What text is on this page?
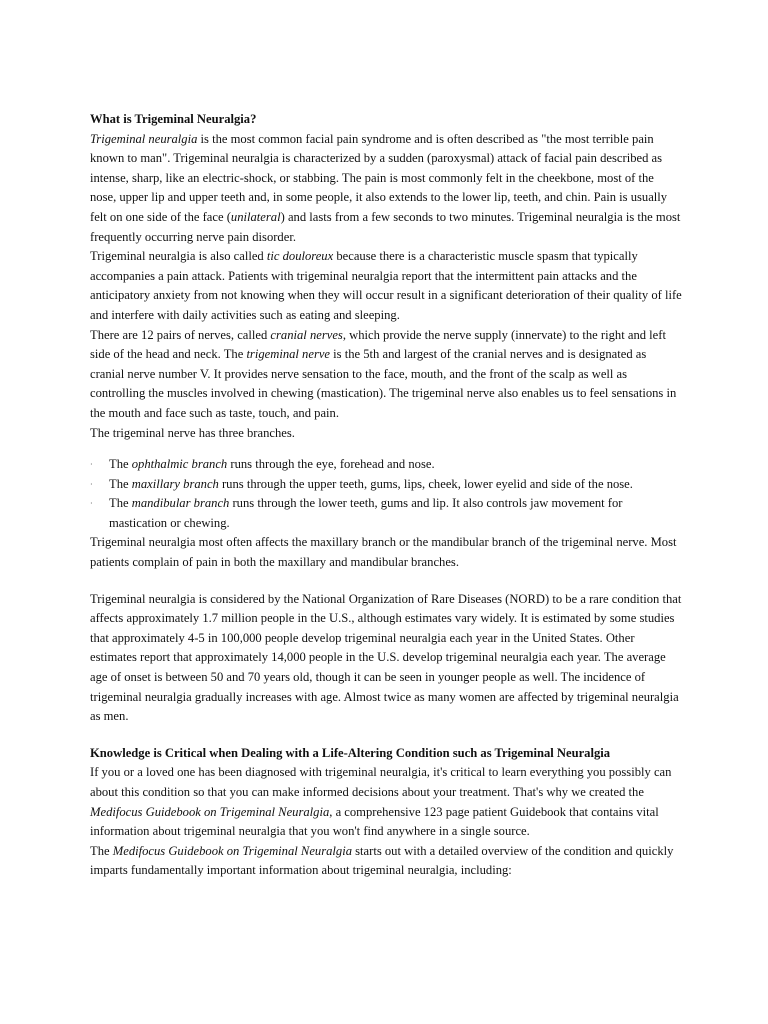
What is Trigeminal Neuralgia?

Trigeminal neuralgia is the most common facial pain syndrome and is often described as "the most terrible pain known to man". Trigeminal neuralgia is characterized by a sudden (paroxysmal) attack of facial pain described as intense, sharp, like an electric-shock, or stabbing. The pain is most commonly felt in the cheekbone, most of the nose, upper lip and upper teeth and, in some people, it also extends to the lower lip, teeth, and chin. Pain is usually felt on one side of the face (unilateral) and lasts from a few seconds to two minutes. Trigeminal neuralgia is the most frequently occurring nerve pain disorder.

Trigeminal neuralgia is also called tic douloreux because there is a characteristic muscle spasm that typically accompanies a pain attack. Patients with trigeminal neuralgia report that the intermittent pain attacks and the anticipatory anxiety from not knowing when they will occur result in a significant deterioration of their quality of life and interfere with daily activities such as eating and sleeping.

There are 12 pairs of nerves, called cranial nerves, which provide the nerve supply (innervate) to the right and left side of the head and neck. The trigeminal nerve is the 5th and largest of the cranial nerves and is designated as cranial nerve number V. It provides nerve sensation to the face, mouth, and the front of the scalp as well as controlling the muscles involved in chewing (mastication). The trigeminal nerve also enables us to feel sensations in the mouth and face such as taste, touch, and pain.

The trigeminal nerve has three branches.

· The ophthalmic branch runs through the eye, forehead and nose.
· The maxillary branch runs through the upper teeth, gums, lips, cheek, lower eyelid and side of the nose.
· The mandibular branch runs through the lower teeth, gums and lip. It also controls jaw movement for mastication or chewing.

Trigeminal neuralgia most often affects the maxillary branch or the mandibular branch of the trigeminal nerve. Most patients complain of pain in both the maxillary and mandibular branches.

Trigeminal neuralgia is considered by the National Organization of Rare Diseases (NORD) to be a rare condition that affects approximately 1.7 million people in the U.S., although estimates vary widely. It is estimated by some studies that approximately 4-5 in 100,000 people develop trigeminal neuralgia each year in the United States. Other estimates report that approximately 14,000 people in the U.S. develop trigeminal neuralgia each year. The average age of onset is between 50 and 70 years old, though it can be seen in younger people as well. The incidence of trigeminal neuralgia gradually increases with age. Almost twice as many women are affected by trigeminal neuralgia as men.

Knowledge is Critical when Dealing with a Life-Altering Condition such as Trigeminal Neuralgia

If you or a loved one has been diagnosed with trigeminal neuralgia, it's critical to learn everything you possibly can about this condition so that you can make informed decisions about your treatment. That's why we created the Medifocus Guidebook on Trigeminal Neuralgia, a comprehensive 123 page patient Guidebook that contains vital information about trigeminal neuralgia that you won't find anywhere in a single source.

The Medifocus Guidebook on Trigeminal Neuralgia starts out with a detailed overview of the condition and quickly imparts fundamentally important information about trigeminal neuralgia, including:
